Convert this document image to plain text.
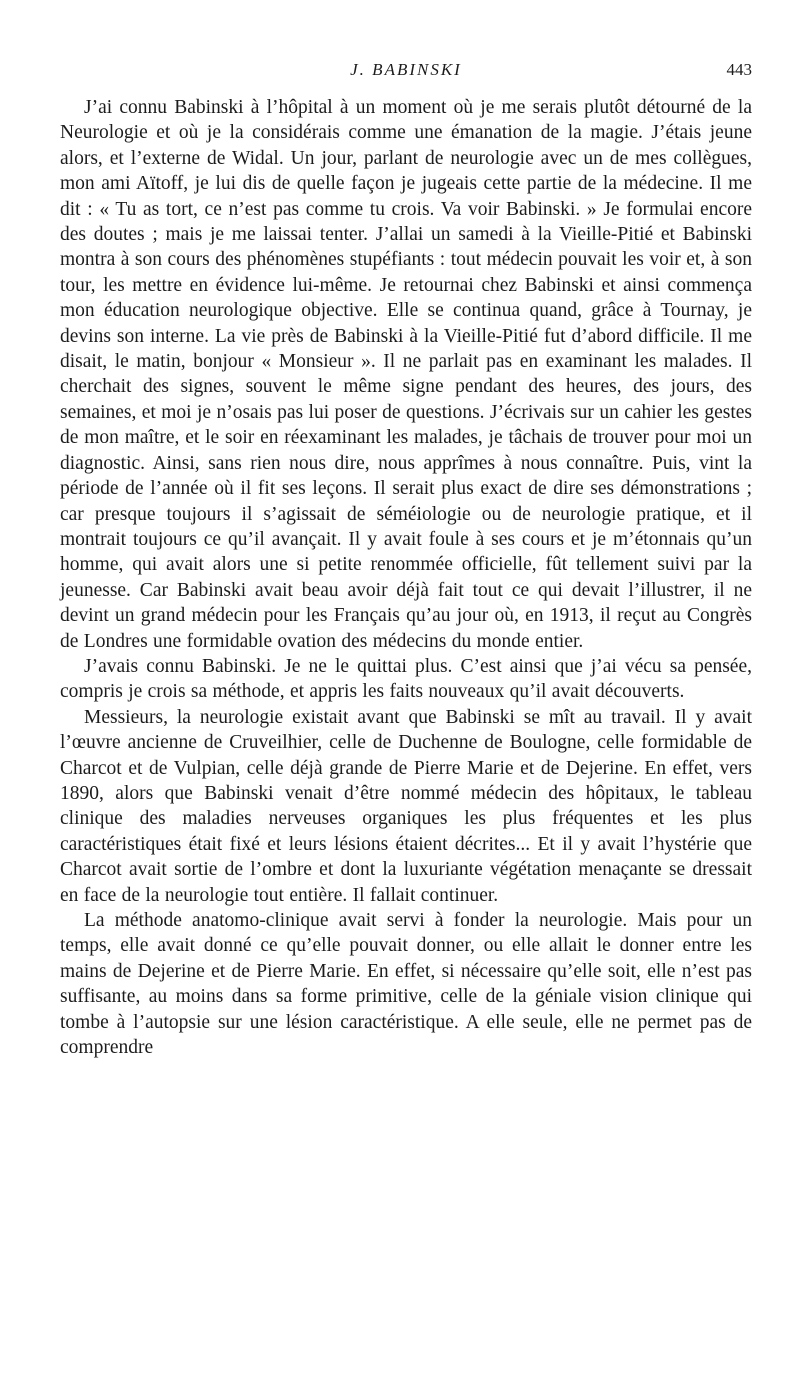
J. BABINSKI	443

J’ai connu Babinski à l’hôpital à un moment où je me serais plutôt détourné de la Neurologie et où je la considérais comme une émanation de la magie. J’étais jeune alors, et l’externe de Widal. Un jour, parlant de neurologie avec un de mes collègues, mon ami Aïtoff, je lui dis de quelle façon je jugeais cette partie de la médecine. Il me dit : « Tu as tort, ce n’est pas comme tu crois. Va voir Babinski. » Je formulai encore des doutes ; mais je me laissai tenter. J’allai un samedi à la Vieille-Pitié et Babinski montra à son cours des phénomènes stupéfiants : tout médecin pouvait les voir et, à son tour, les mettre en évidence lui-même. Je retournai chez Babinski et ainsi commença mon éducation neurologique objective. Elle se continua quand, grâce à Tournay, je devins son interne. La vie près de Babinski à la Vieille-Pitié fut d’abord difficile. Il me disait, le matin, bonjour « Monsieur ». Il ne parlait pas en examinant les malades. Il cherchait des signes, souvent le même signe pendant des heures, des jours, des semaines, et moi je n’osais pas lui poser de questions. J’écrivais sur un cahier les gestes de mon maître, et le soir en réexaminant les malades, je tâchais de trouver pour moi un diagnostic. Ainsi, sans rien nous dire, nous apprîmes à nous connaître. Puis, vint la période de l’année où il fit ses leçons. Il serait plus exact de dire ses démonstrations ; car presque toujours il s’agissait de séméiologie ou de neurologie pratique, et il montrait toujours ce qu’il avançait. Il y avait foule à ses cours et je m’étonnais qu’un homme, qui avait alors une si petite renommée officielle, fût tellement suivi par la jeunesse. Car Babinski avait beau avoir déjà fait tout ce qui devait l’illustrer, il ne devint un grand médecin pour les Français qu’au jour où, en 1913, il reçut au Congrès de Londres une formidable ovation des médecins du monde entier.

J’avais connu Babinski. Je ne le quittai plus. C’est ainsi que j’ai vécu sa pensée, compris je crois sa méthode, et appris les faits nouveaux qu’il avait découverts.

Messieurs, la neurologie existait avant que Babinski se mît au travail. Il y avait l’œuvre ancienne de Cruveilhier, celle de Duchenne de Boulogne, celle formidable de Charcot et de Vulpian, celle déjà grande de Pierre Marie et de Dejerine. En effet, vers 1890, alors que Babinski venait d’être nommé médecin des hôpitaux, le tableau clinique des maladies nerveuses organiques les plus fréquentes et les plus caractéristiques était fixé et leurs lésions étaient décrites... Et il y avait l’hystérie que Charcot avait sortie de l’ombre et dont la luxuriante végétation menaçante se dressait en face de la neurologie tout entière. Il fallait continuer.

La méthode anatomo-clinique avait servi à fonder la neurologie. Mais pour un temps, elle avait donné ce qu’elle pouvait donner, ou elle allait le donner entre les mains de Dejerine et de Pierre Marie. En effet, si nécessaire qu’elle soit, elle n’est pas suffisante, au moins dans sa forme primitive, celle de la géniale vision clinique qui tombe à l’autopsie sur une lésion caractéristique. A elle seule, elle ne permet pas de comprendre
